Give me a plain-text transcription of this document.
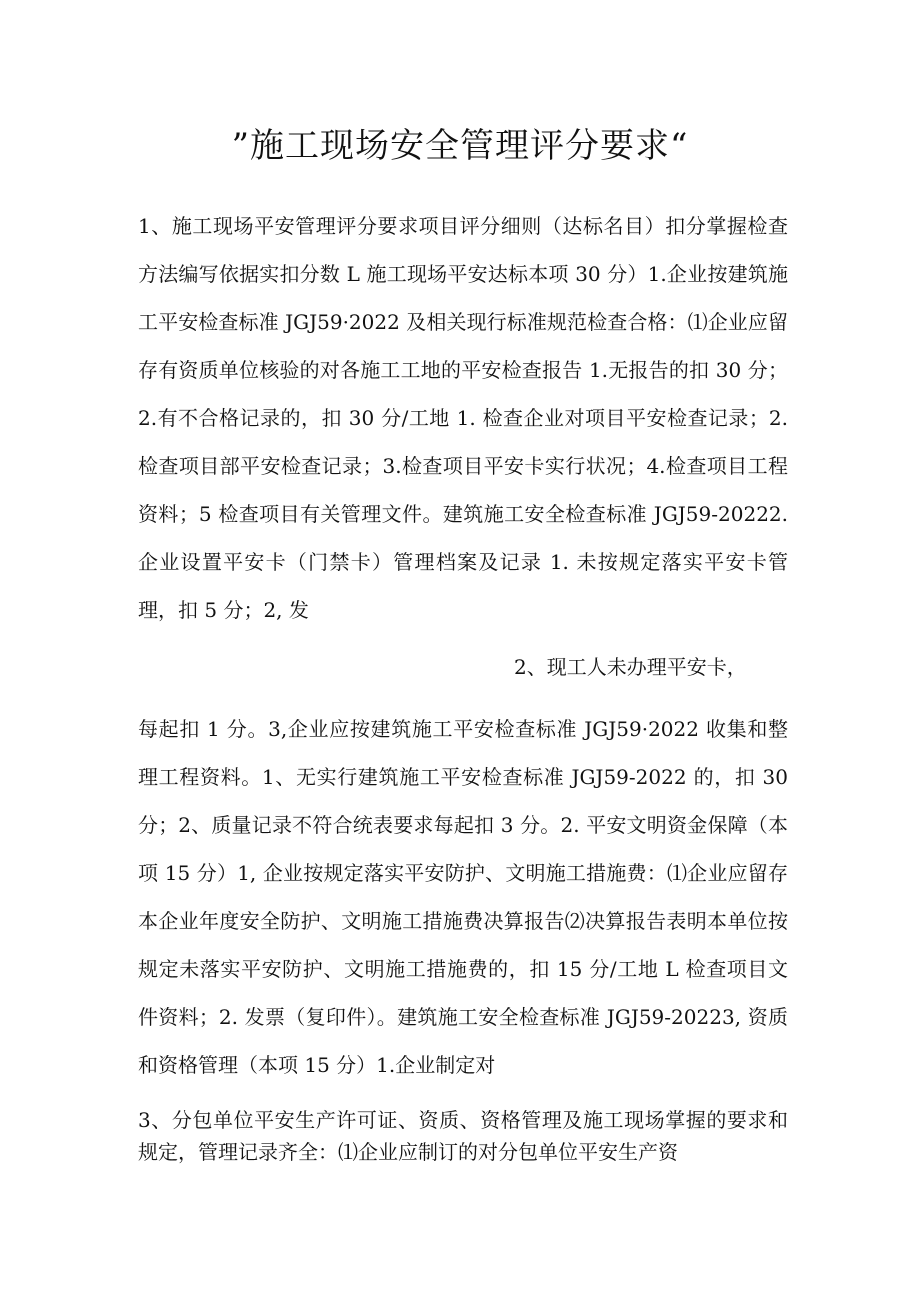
”施工现场安全管理评分要求“
1、施工现场平安管理评分要求项目评分细则（达标名目）扣分掌握检查方法编写依据实扣分数 L 施工现场平安达标本项 30 分）1.企业按建筑施工平安检查标准 JGJ59·2022 及相关现行标准规范检查合格：⑴企业应留存有资质单位核验的对各施工工地的平安检查报告 1.无报告的扣 30 分；2.有不合格记录的，扣 30 分/工地 1. 检查企业对项目平安检查记录；2.检查项目部平安检查记录；3.检查项目平安卡实行状况；4.检查项目工程资料；5 检查项目有关管理文件。建筑施工安全检查标准 JGJ59-20222. 企业设置平安卡（门禁卡）管理档案及记录 1. 未按规定落实平安卡管理，扣 5 分；2, 发
2、现工人未办理平安卡，
每起扣 1 分。3,企业应按建筑施工平安检查标准 JGJ59·2022 收集和整理工程资料。1、无实行建筑施工平安检查标准 JGJ59-2022 的，扣 30 分；2、质量记录不符合统表要求每起扣 3 分。2. 平安文明资金保障（本项 15 分）1, 企业按规定落实平安防护、文明施工措施费：⑴企业应留存本企业年度安全防护、文明施工措施费决算报告⑵决算报告表明本单位按规定未落实平安防护、文明施工措施费的，扣 15 分/工地 L 检查项目文件资料；2. 发票（复印件）。建筑施工安全检查标准 JGJ59-20223, 资质和资格管理（本项 15 分）1.企业制定对
3、分包单位平安生产许可证、资质、资格管理及施工现场掌握的要求和规定，管理记录齐全：⑴企业应制订的对分包单位平安生产资
